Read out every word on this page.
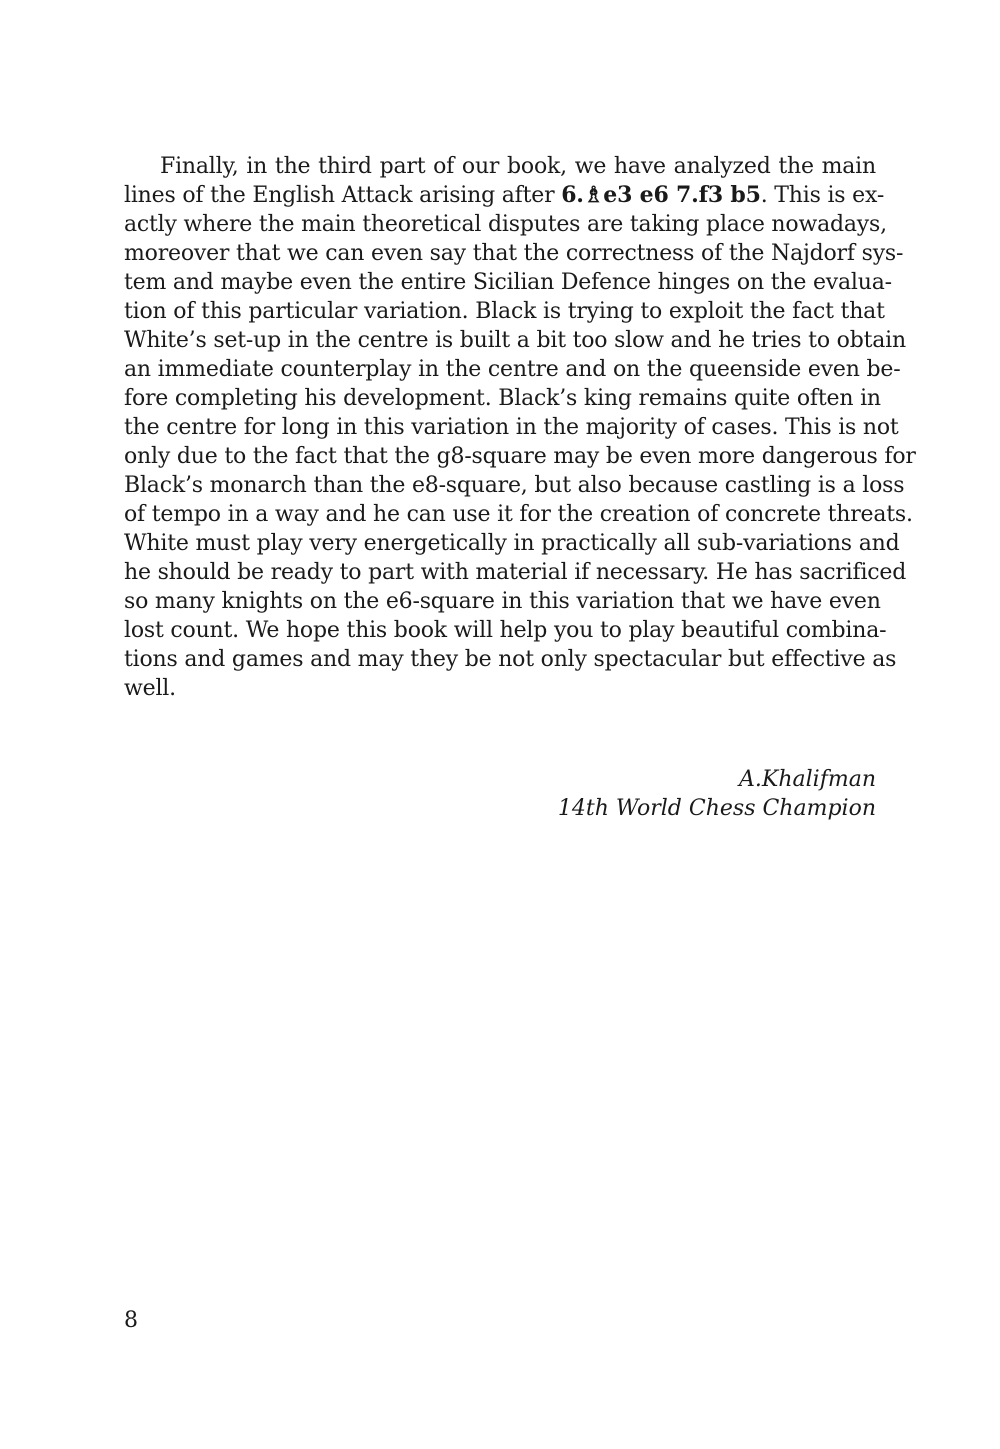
Finally, in the third part of our book, we have analyzed the main
lines of the English Attack arising after 6.♗e3 e6 7.f3 b5. This is ex-
actly where the main theoretical disputes are taking place nowadays,
moreover that we can even say that the correctness of the Najdorf sys-
tem and maybe even the entire Sicilian Defence hinges on the evalua-
tion of this particular variation. Black is trying to exploit the fact that
White’s set-up in the centre is built a bit too slow and he tries to obtain
an immediate counterplay in the centre and on the queenside even be-
fore completing his development. Black’s king remains quite often in
the centre for long in this variation in the majority of cases. This is not
only due to the fact that the g8-square may be even more dangerous for
Black’s monarch than the e8-square, but also because castling is a loss
of tempo in a way and he can use it for the creation of concrete threats.
White must play very energetically in practically all sub-variations and
he should be ready to part with material if necessary. He has sacrificed
so many knights on the e6-square in this variation that we have even
lost count. We hope this book will help you to play beautiful combina-
tions and games and may they be not only spectacular but effective as
well.
A.Khalifman
14th World Chess Champion
8
